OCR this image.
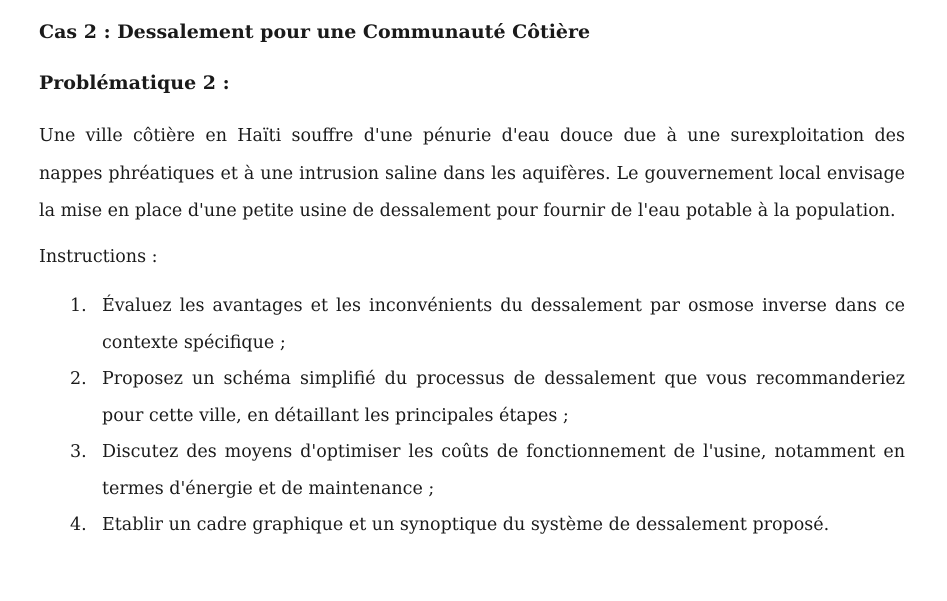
Cas 2 : Dessalement pour une Communauté Côtière
Problématique 2 :

Une ville côtière en Haïti souffre d'une pénurie d'eau douce due à une surexploitation des nappes phréatiques et à une intrusion saline dans les aquifères. Le gouvernement local envisage la mise en place d'une petite usine de dessalement pour fournir de l'eau potable à la population.

Instructions :

1. Évaluez les avantages et les inconvénients du dessalement par osmose inverse dans ce contexte spécifique ;
2. Proposez un schéma simplifié du processus de dessalement que vous recommanderiez pour cette ville, en détaillant les principales étapes ;
3. Discutez des moyens d'optimiser les coûts de fonctionnement de l'usine, notamment en termes d'énergie et de maintenance ;
4. Etablir un cadre graphique et un synoptique du système de dessalement proposé.
